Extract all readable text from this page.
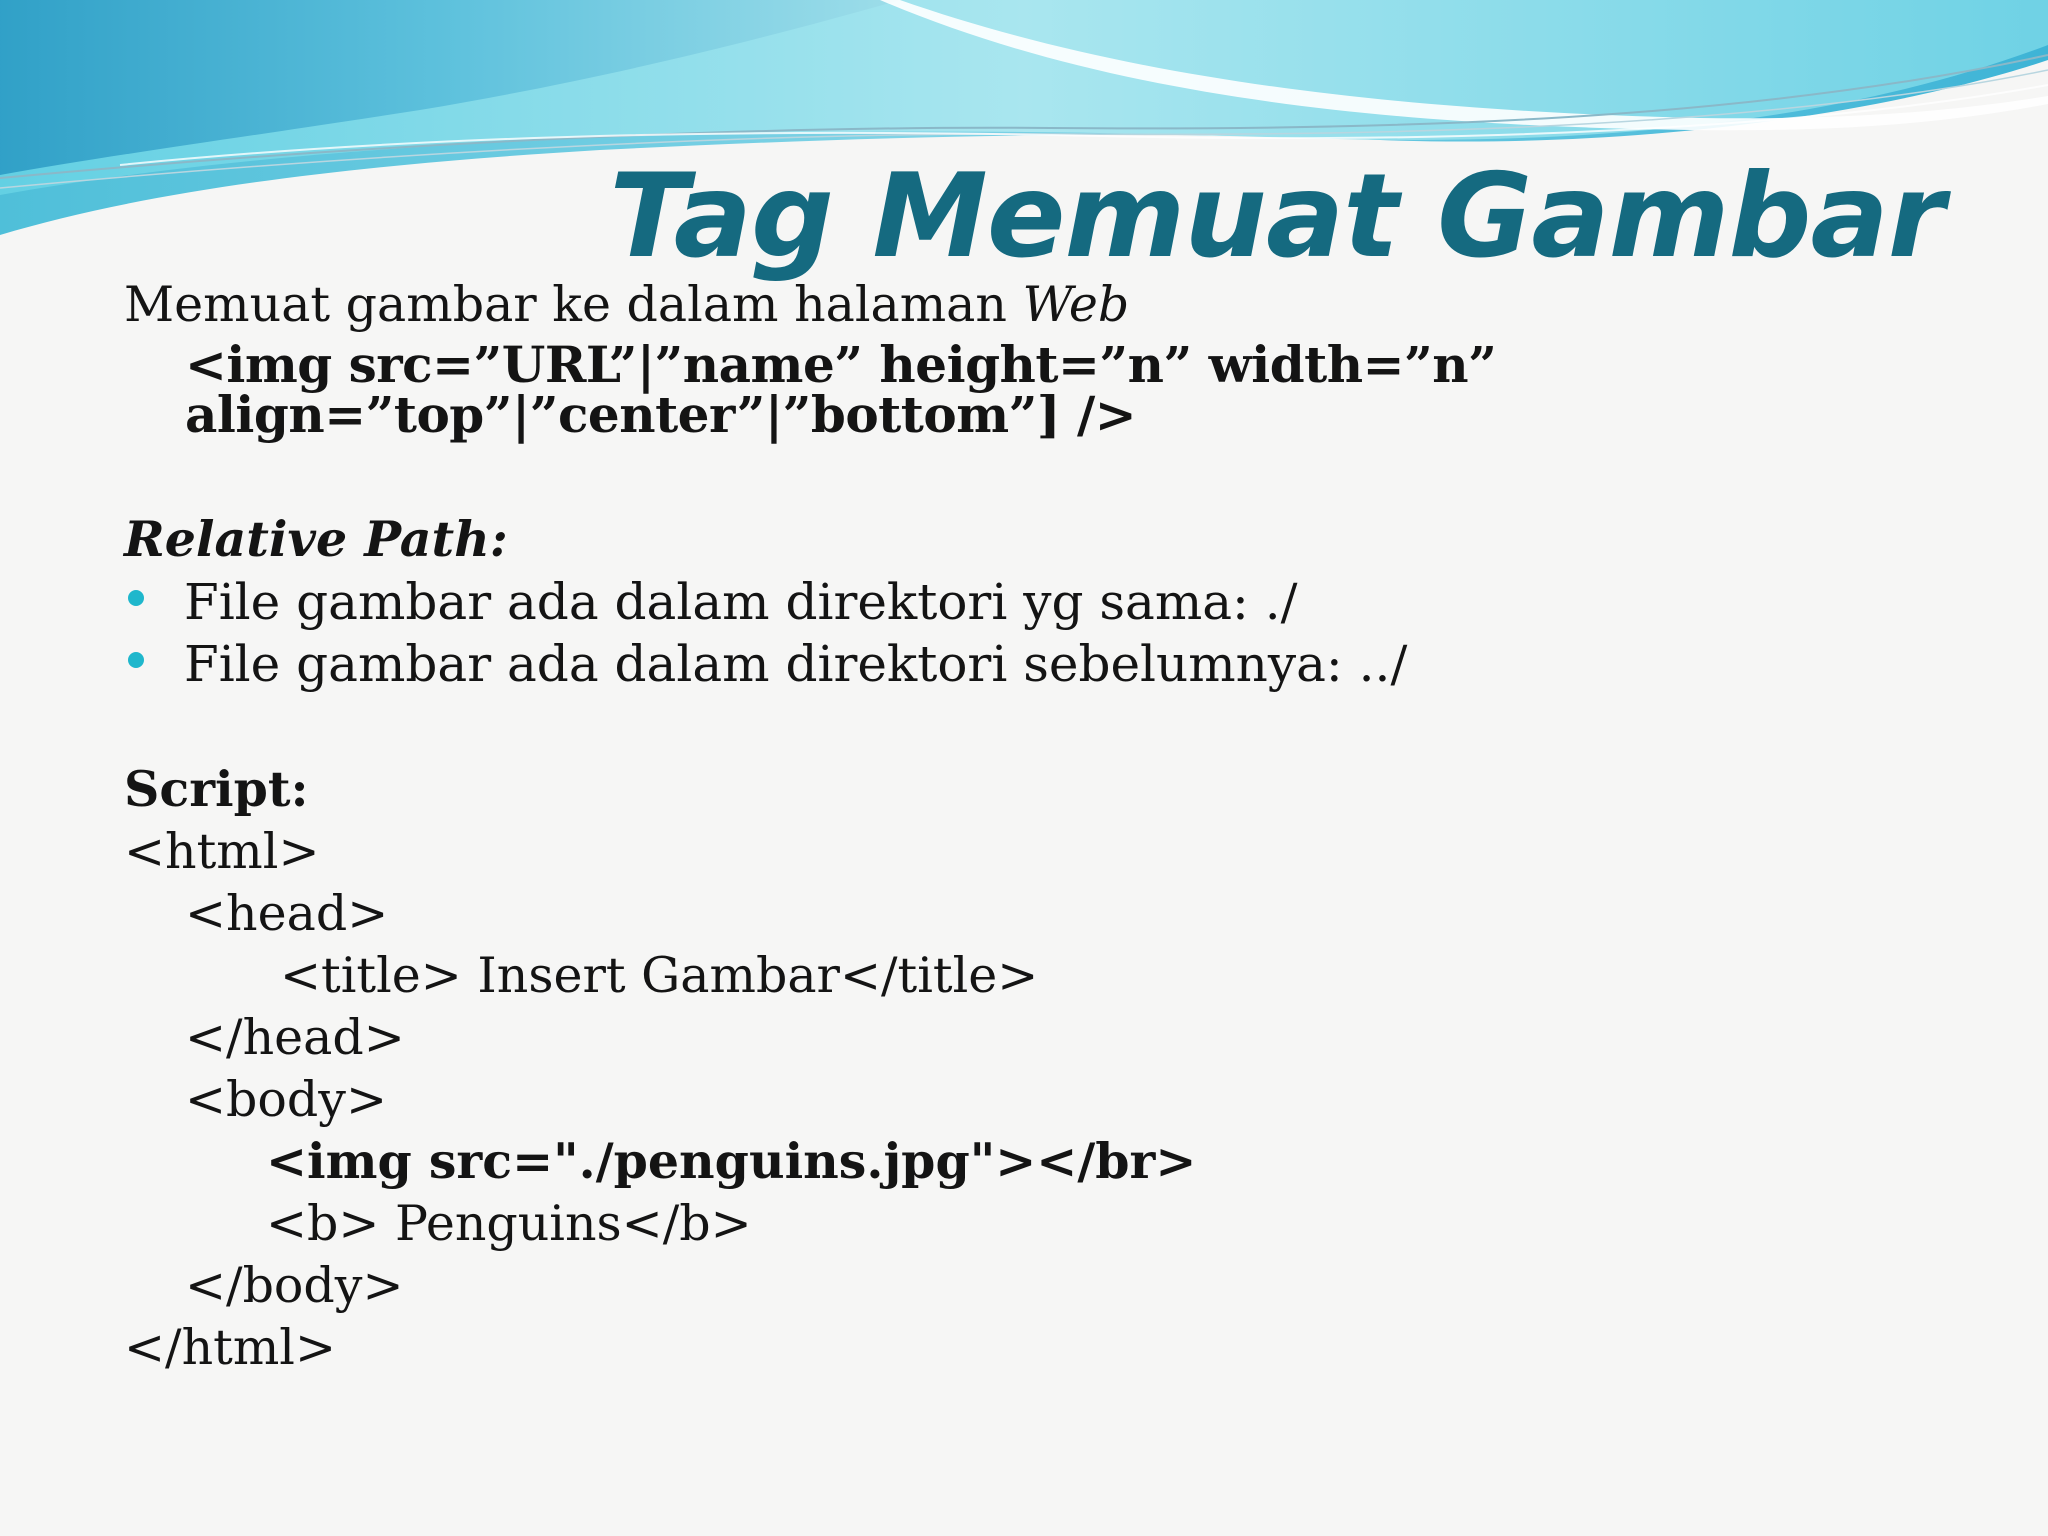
Tag Memuat Gambar
Memuat gambar ke dalam halaman Web
<img src=”URL”|”name” height=”n” width=”n”
align=”top”|”center”|”bottom”] />
Relative Path:
File gambar ada dalam direktori yg sama: ./
File gambar ada dalam direktori sebelumnya: ../
Script:
<html>
<head>
<title> Insert Gambar</title>
</head>
<body>
<img src="./penguins.jpg"></br>
<b> Penguins</b>
</body>
</html>
